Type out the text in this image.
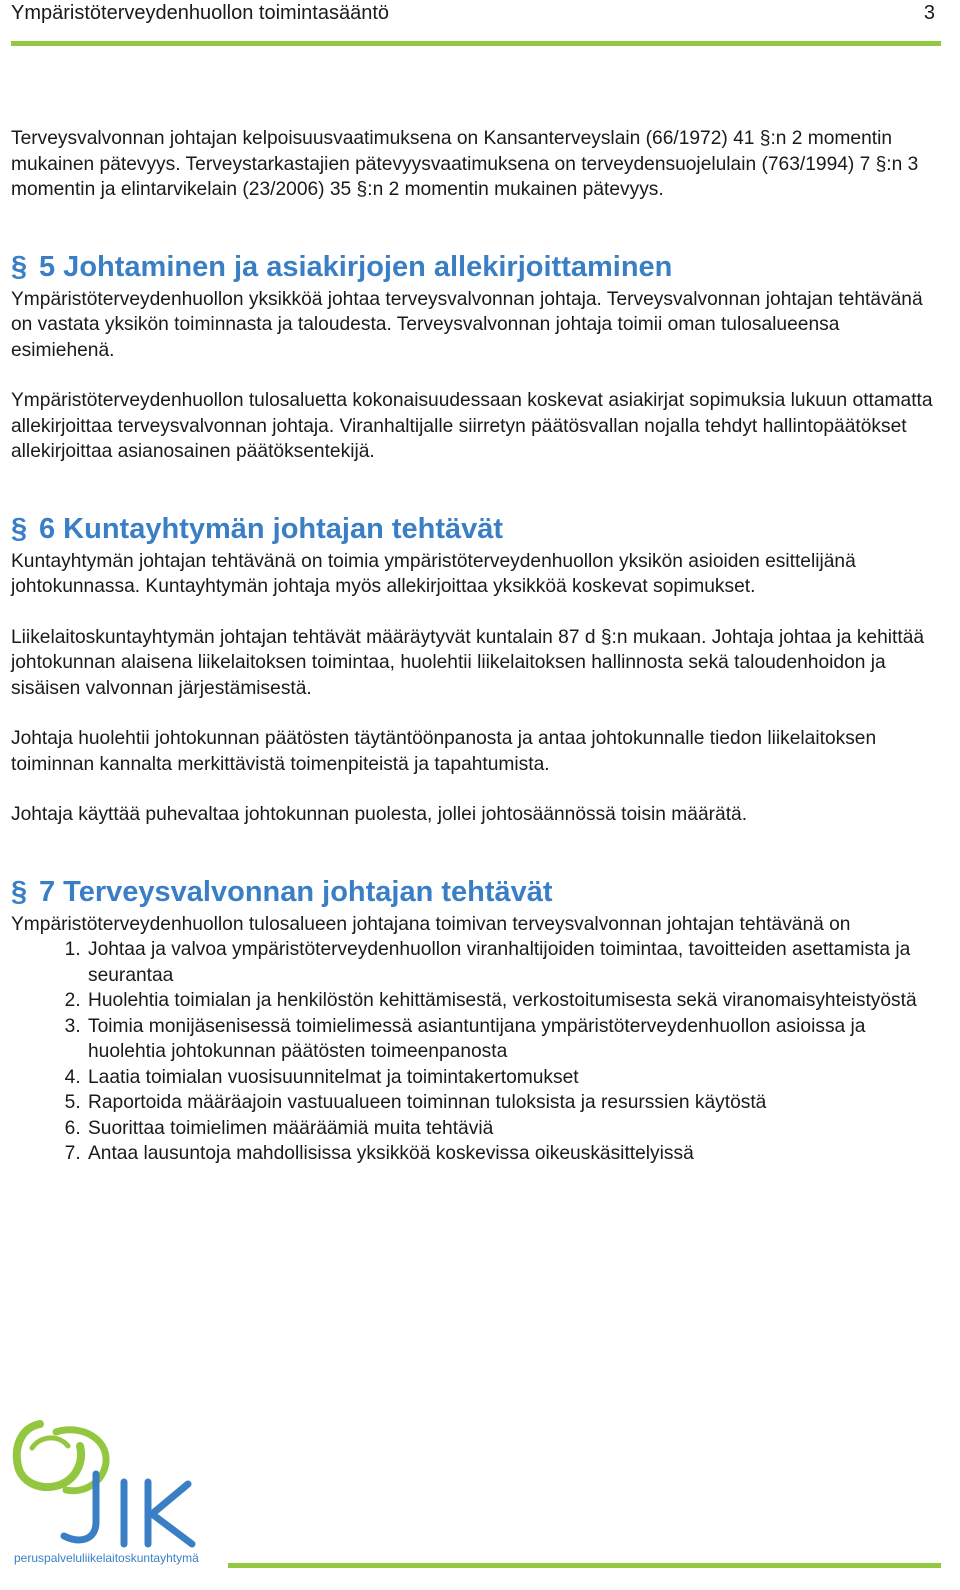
Ympäristöterveydenhuollon toimintasääntö	3

Terveysvalvonnan johtajan kelpoisuusvaatimuksena on Kansanterveyslain (66/1972) 41 §:n 2 momentin mukainen pätevyys. Terveystarkastajien pätevyysvaatimuksena on terveydensuojelulain (763/1994) 7 §:n 3 momentin ja elintarvikelain (23/2006) 35 §:n 2 momentin mukainen pätevyys.

§ 5 Johtaminen ja asiakirjojen allekirjoittaminen

Ympäristöterveydenhuollon yksikköä johtaa terveysvalvonnan johtaja. Terveysvalvonnan johtajan tehtävänä on vastata yksikön toiminnasta ja taloudesta. Terveysvalvonnan johtaja toimii oman tulosalueensa esimiehenä.

Ympäristöterveydenhuollon tulosaluetta kokonaisuudessaan koskevat asiakirjat sopimuksia lukuun ottamatta allekirjoittaa terveysvalvonnan johtaja. Viranhaltijalle siirretyn päätösvallan nojalla tehdyt hallintopäätökset allekirjoittaa asianosainen päätöksentekijä.

§ 6 Kuntayhtymän johtajan tehtävät

Kuntayhtymän johtajan tehtävänä on toimia ympäristöterveydenhuollon yksikön asioiden esittelijänä johtokunnassa. Kuntayhtymän johtaja myös allekirjoittaa yksikköä koskevat sopimukset.

Liikelaitoskuntayhtymän johtajan tehtävät määräytyvät kuntalain 87 d §:n mukaan. Johtaja johtaa ja kehittää johtokunnan alaisena liikelaitoksen toimintaa, huolehtii liikelaitoksen hallinnosta sekä taloudenhoidon ja sisäisen valvonnan järjestämisestä.

Johtaja huolehtii johtokunnan päätösten täytäntöönpanosta ja antaa johtokunnalle tiedon liikelaitoksen toiminnan kannalta merkittävistä toimenpiteistä ja tapahtumista.

Johtaja käyttää puhevaltaa johtokunnan puolesta, jollei johtosäännössä toisin määrätä.

§ 7 Terveysvalvonnan johtajan tehtävät

Ympäristöterveydenhuollon tulosalueen johtajana toimivan terveysvalvonnan johtajan tehtävänä on

1. Johtaa ja valvoa ympäristöterveydenhuollon viranhaltijoiden toimintaa, tavoitteiden asettamista ja seurantaa
2. Huolehtia toimialan ja henkilöstön kehittämisestä, verkostoitumisesta sekä viranomaisyhteistyöstä
3. Toimia monijäsenisessä toimielimessä asiantuntijana ympäristöterveydenhuollon asioissa ja huolehtia johtokunnan päätösten toimeenpanosta
4. Laatia toimialan vuosisuunnitelmat ja toimintakertomukset
5. Raportoida määräajoin vastuualueen toiminnan tuloksista ja resurssien käytöstä
6. Suorittaa toimielimen määräämiä muita tehtäviä
7. Antaa lausuntoja mahdollisissa yksikköä koskevissa oikeuskäsittelyissä
peruspalveluliikelaitoskuntayhtymä
